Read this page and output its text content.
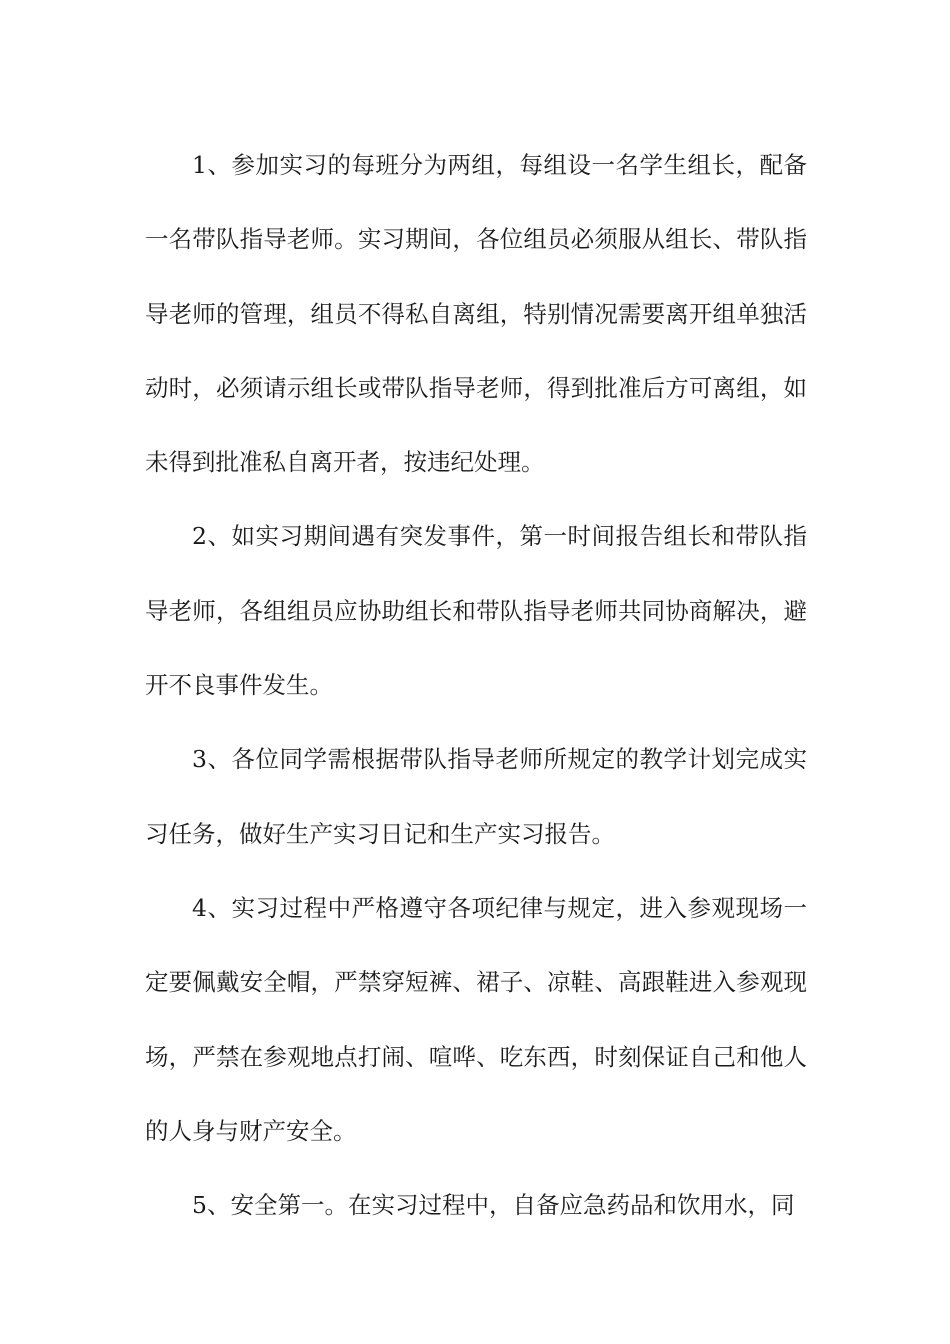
1、参加实习的每班分为两组，每组设一名学生组长，配备一名带队指导老师。实习期间，各位组员必须服从组长、带队指导老师的管理，组员不得私自离组，特别情况需要离开组单独活动时，必须请示组长或带队指导老师，得到批准后方可离组，如未得到批准私自离开者，按违纪处理。

2、如实习期间遇有突发事件，第一时间报告组长和带队指导老师，各组组员应协助组长和带队指导老师共同协商解决，避开不良事件发生。

3、各位同学需根据带队指导老师所规定的教学计划完成实习任务，做好生产实习日记和生产实习报告。

4、实习过程中严格遵守各项纪律与规定，进入参观现场一定要佩戴安全帽，严禁穿短裤、裙子、凉鞋、高跟鞋进入参观现场，严禁在参观地点打闹、喧哗、吃东西，时刻保证自己和他人的人身与财产安全。

5、安全第一。在实习过程中，自备应急药品和饮用水，同
